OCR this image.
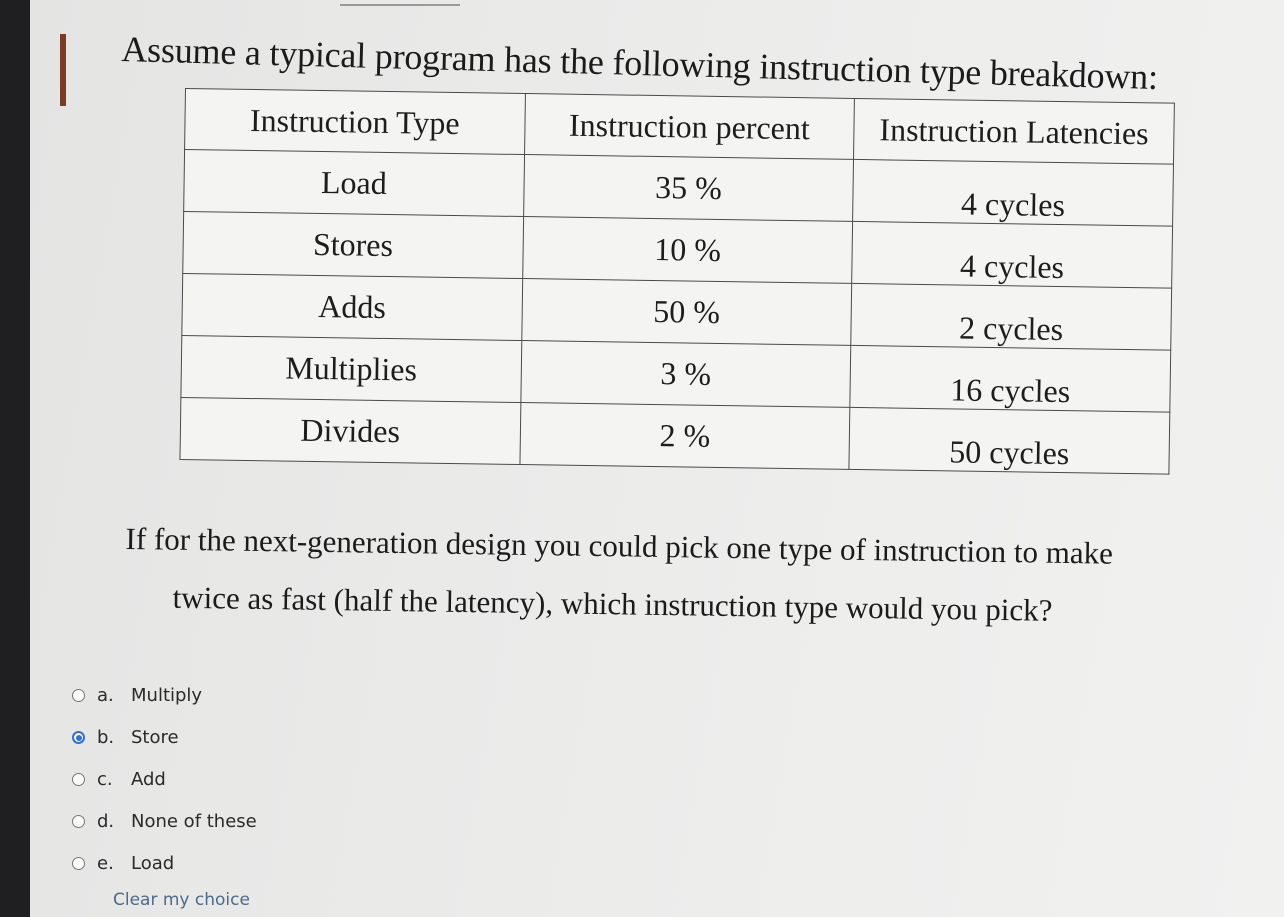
Assume a typical program has the following instruction type breakdown:

Instruction Type	Instruction percent	Instruction Latencies
Load	35 %	4 cycles
Stores	10 %	4 cycles
Adds	50 %	2 cycles
Multiplies	3 %	16 cycles
Divides	2 %	50 cycles
If for the next-generation design you could pick one type of instruction to make
twice as fast (half the latency), which instruction type would you pick?
a. Multiply
b. Store
c.	Add
d. None of these
e. Load
Clear my choice
